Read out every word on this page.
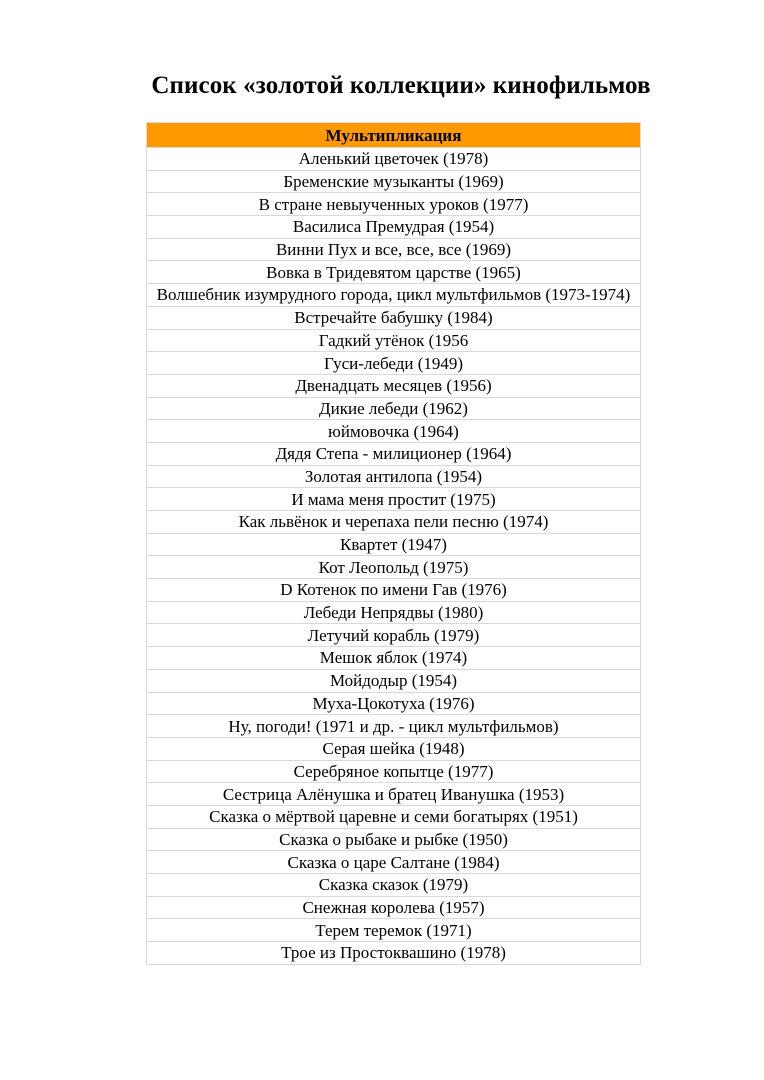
Список «золотой коллекции» кинофильмов
Мультипликация
Аленький цветочек (1978)
Бременские музыканты (1969)
В стране невыученных уроков (1977)
Василиса Премудрая (1954)
Винни Пух и все, все, все (1969)
Вовка в Тридевятом царстве (1965)
Волшебник изумрудного города, цикл мультфильмов (1973-1974)
Встречайте бабушку (1984)
Гадкий утёнок (1956
Гуси-лебеди (1949)
Двенадцать месяцев (1956)
Дикие лебеди (1962)
юймовочка (1964)
Дядя Степа - милиционер (1964)
Золотая антилопа (1954)
И мама меня простит (1975)
Как львёнок и черепаха пели песню (1974)
Квартет (1947)
Кот Леопольд (1975)
D Котенок по имени Гав (1976)
Лебеди Непрядвы (1980)
Летучий корабль (1979)
Мешок яблок (1974)
Мойдодыр (1954)
Муха-Цокотуха (1976)
Ну, погоди! (1971 и др. - цикл мультфильмов)
Серая шейка (1948)
Серебряное копытце (1977)
Сестрица Алёнушка и братец Иванушка (1953)
Сказка о мёртвой царевне и семи богатырях (1951)
Сказка о рыбаке и рыбке (1950)
Сказка о царе Салтане (1984)
Сказка сказок (1979)
Снежная королева (1957)
Терем теремок (1971)
Трое из Простоквашино (1978)
